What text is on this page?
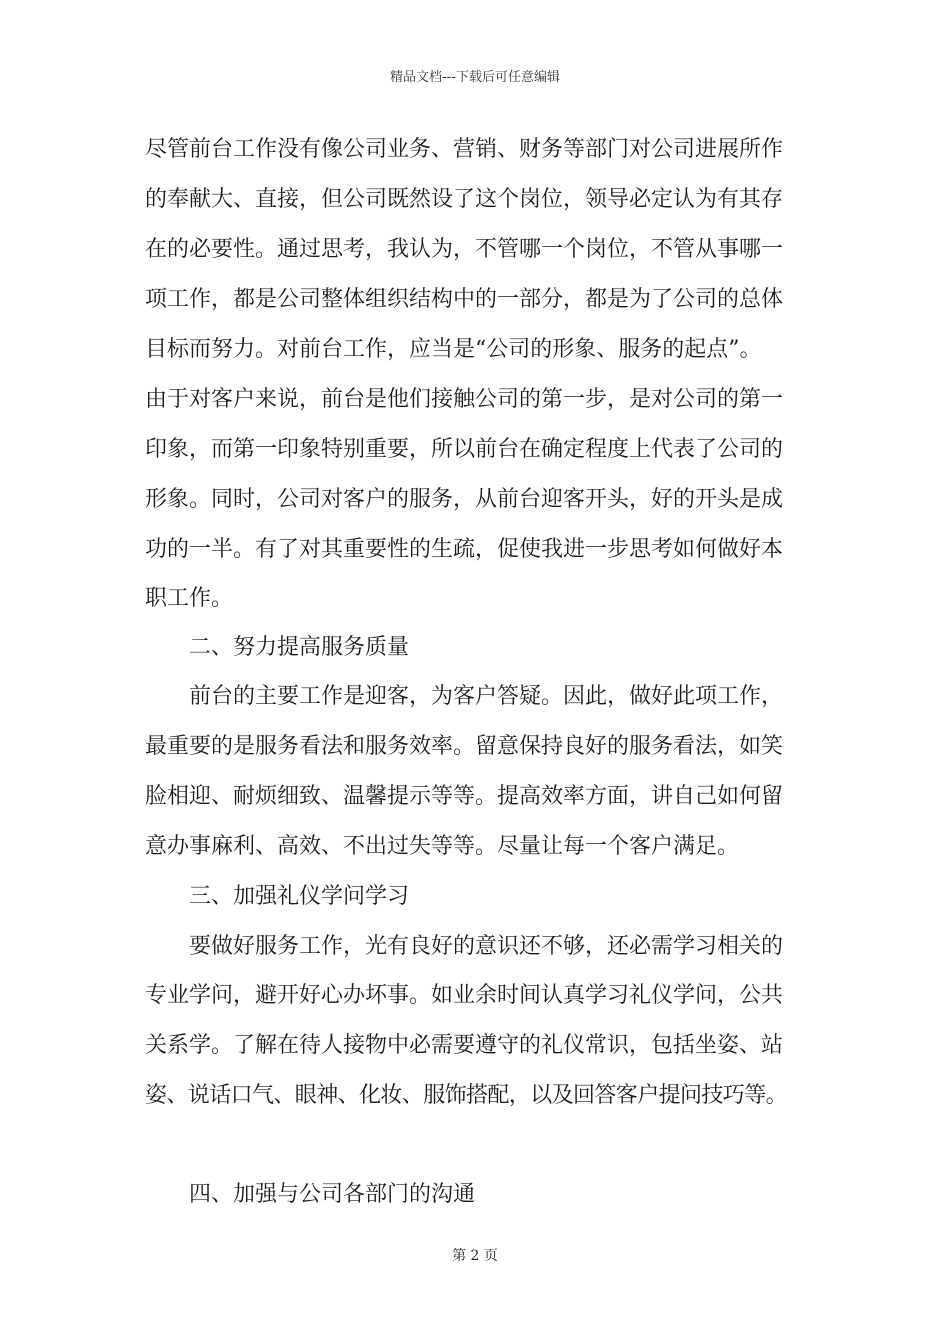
精品文档---下载后可任意编辑
尽管前台工作没有像公司业务、营销、财务等部门对公司进展所作
的奉献大、直接，但公司既然设了这个岗位，领导必定认为有其存
在的必要性。通过思考，我认为，不管哪一个岗位，不管从事哪一
项工作，都是公司整体组织结构中的一部分，都是为了公司的总体
目标而努力。对前台工作，应当是“公司的形象、服务的起点”。
由于对客户来说，前台是他们接触公司的第一步，是对公司的第一
印象，而第一印象特别重要，所以前台在确定程度上代表了公司的
形象。同时，公司对客户的服务，从前台迎客开头，好的开头是成
功的一半。有了对其重要性的生疏，促使我进一步思考如何做好本
职工作。
二、努力提高服务质量
前台的主要工作是迎客，为客户答疑。因此，做好此项工作，
最重要的是服务看法和服务效率。留意保持良好的服务看法，如笑
脸相迎、耐烦细致、温馨提示等等。提高效率方面，讲自己如何留
意办事麻利、高效、不出过失等等。尽量让每一个客户满足。
三、加强礼仪学问学习
要做好服务工作，光有良好的意识还不够，还必需学习相关的
专业学问，避开好心办坏事。如业余时间认真学习礼仪学问，公共
关系学。了解在待人接物中必需要遵守的礼仪常识，包括坐姿、站
姿、说话口气、眼神、化妆、服饰搭配，以及回答客户提问技巧等。
四、加强与公司各部门的沟通
第 2 页
